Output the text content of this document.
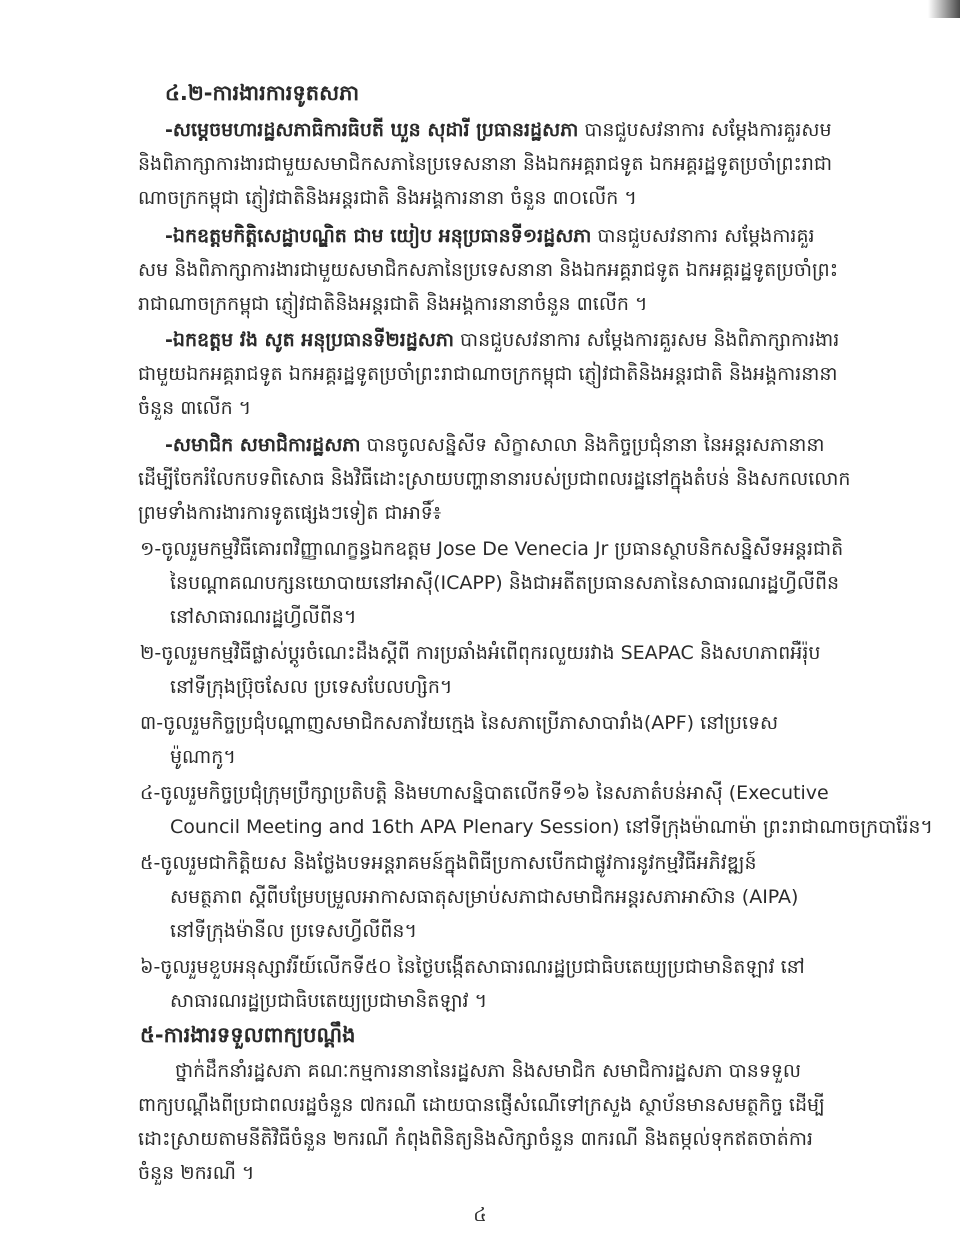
៤.២-ការងារការទូតសភា
-សម្ដេចមហារដ្ឋសភាធិការធិបតី ឃួន សុដារី ប្រធានរដ្ឋសភា បានជួបសវនាការ សម្ដែងការគួរសម
និងពិភាក្សាការងារជាមួយសមាជិកសភានៃប្រទេសនានា និងឯកអគ្គរាជទូត ឯកអគ្គរដ្ឋទូតប្រចាំព្រះរាជា
ណាចក្រកម្ពុជា ភ្ញៀវជាតិនិងអន្តរជាតិ និងអង្គការនានា ចំនួន ៣០លើក ។
-ឯកឧត្តមកិត្តិសេដ្ឋាបណ្ឌិត ជាម យៀប អនុប្រធានទី១រដ្ឋសភា បានជួបសវនាការ សម្ដែងការគួរ
សម និងពិភាក្សាការងារជាមួយសមាជិកសភានៃប្រទេសនានា និងឯកអគ្គរាជទូត ឯកអគ្គរដ្ឋទូតប្រចាំព្រះ
រាជាណាចក្រកម្ពុជា ភ្ញៀវជាតិនិងអន្តរជាតិ និងអង្គការនានាចំនួន ៣លើក ។
-ឯកឧត្តម វង សូត អនុប្រធានទី២រដ្ឋសភា បានជួបសវនាការ សម្ដែងការគួរសម និងពិភាក្សាការងារ
ជាមួយឯកអគ្គរាជទូត ឯកអគ្គរដ្ឋទូតប្រចាំព្រះរាជាណាចក្រកម្ពុជា ភ្ញៀវជាតិនិងអន្តរជាតិ និងអង្គការនានា
ចំនួន ៣លើក ។
-សមាជិក សមាជិការដ្ឋសភា បានចូលសន្និសីទ សិក្ខាសាលា និងកិច្ចប្រជុំនានា នៃអន្តរសភានានា
ដើម្បីចែករំលែកបទពិសោធ និងវិធីដោះស្រាយបញ្ហានានារបស់ប្រជាពលរដ្ឋនៅក្នុងតំបន់ និងសកលលោក
ព្រមទាំងការងារការទូតផ្សេងៗទៀត ជាអាទិ៍៖
១-ចូលរួមកម្មវិធីគោរពវិញ្ញាណក្ខន្ធឯកឧត្តម Jose De Venecia Jr ប្រធានស្ថាបនិកសន្និសីទអន្តរជាតិ
នៃបណ្ដាគណបក្សនយោបាយនៅអាស៊ី(ICAPP) និងជាអតីតប្រធានសភានៃសាធារណរដ្ឋហ្វីលីពីន
នៅសាធារណរដ្ឋហ្វីលីពីន។
២-ចូលរួមកម្មវិធីផ្លាស់ប្ដូរចំណេះដឹងស្ដីពី ការប្រឆាំងអំពើពុករលួយរវាង SEAPAC និងសហភាពអឺរ៉ុប
នៅទីក្រុងប្រ៊ុចសែល ប្រទេសបែលហ្សិក។
៣-ចូលរួមកិច្ចប្រជុំបណ្ដាញសមាជិកសភាវ័យក្មេង នៃសភាប្រើភាសាបារាំង(APF) នៅប្រទេស
ម៉ូណាកូ។
៤-ចូលរួមកិច្ចប្រជុំក្រុមប្រឹក្សាប្រតិបត្តិ និងមហាសន្និបាតលើកទី១៦ នៃសភាតំបន់អាស៊ី (Executive
Council Meeting and 16th APA Plenary Session) នៅទីក្រុងម៉ាណាម៉ា ព្រះរាជាណាចក្របារ៉ែន។
៥-ចូលរួមជាកិត្តិយស និងថ្លែងបទអន្តរាគមន៍ក្នុងពិធីប្រកាសបើកជាផ្លូវការនូវកម្មវិធីអភិវឌ្ឍន៍
សមត្ថភាព ស្ដីពីបម្រែបម្រួលអាកាសធាតុសម្រាប់សភាជាសមាជិកអន្តរសភាអាស៊ាន (AIPA)
នៅទីក្រុងម៉ានីល ប្រទេសហ្វីលីពីន។
៦-ចូលរួមខួបអនុស្សាវរីយ៍លើកទី៥០ នៃថ្ងៃបង្កើតសាធារណរដ្ឋប្រជាធិបតេយ្យប្រជាមានិតឡាវ នៅ
សាធារណរដ្ឋប្រជាធិបតេយ្យប្រជាមានិតឡាវ ។
៥-ការងារទទួលពាក្យបណ្ដឹង
ថ្នាក់ដឹកនាំរដ្ឋសភា គណៈកម្មការនានានៃរដ្ឋសភា និងសមាជិក សមាជិការដ្ឋសភា បានទទួល
ពាក្យបណ្ដឹងពីប្រជាពលរដ្ឋចំនួន ៧ករណី ដោយបានផ្ញើសំណើទៅក្រសួង ស្ថាប័នមានសមត្ថកិច្ច ដើម្បី
ដោះស្រាយតាមនីតិវិធីចំនួន ២ករណី កំពុងពិនិត្យនិងសិក្សាចំនួន ៣ករណី និងតម្កល់ទុកឥតចាត់ការ
ចំនួន ២ករណី ។
៤
